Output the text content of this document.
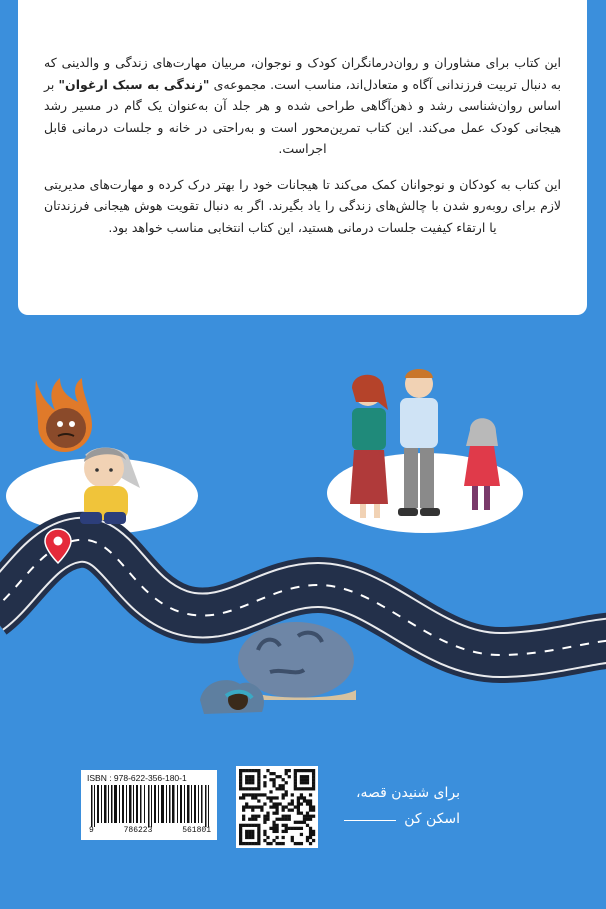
این کتاب برای مشاوران و روان‌درمانگران کودک و نوجوان، مربیان مهارت‌های زندگی و والدینی که به دنبال تربیت فرزندانی آگاه و متعادل‌اند، مناسب است. مجموعه‌ی "زندگی به سبک ارغوان" بر اساس روان‌شناسی رشد و ذهن‌آگاهی طراحی شده و هر جلد آن به‌عنوان یک گام در مسیر رشد هیجانی کودک عمل می‌کند. این کتاب تمرین‌محور است و به‌راحتی در خانه و جلسات درمانی قابل اجراست.

این کتاب به کودکان و نوجوانان کمک می‌کند تا هیجانات خود را بهتر درک کرده و مهارت‌های مدیریتی لازم برای روبه‌رو شدن با چالش‌های زندگی را یاد بگیرند. اگر به دنبال تقویت هوش هیجانی فرزندتان یا ارتقاء کیفیت جلسات درمانی هستید، این کتاب انتخابی مناسب خواهد بود.

ISBN : 978-622-356-180-1
9	786223	561801
برای شنیدن قصه،
اسکن کن
